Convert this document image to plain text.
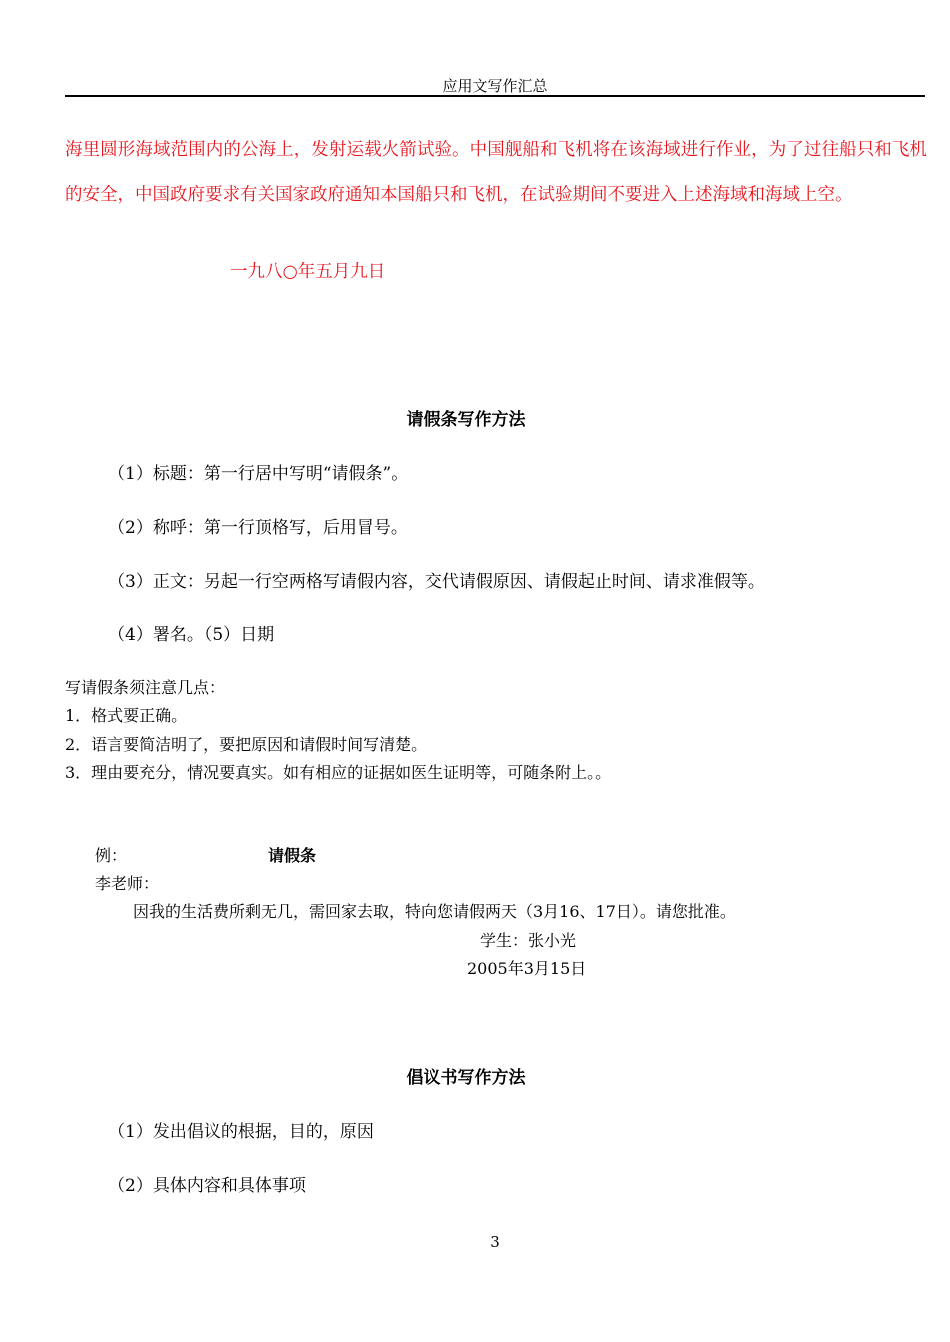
应用文写作汇总
海里圆形海域范围内的公海上，发射运载火箭试验。中国舰船和飞机将在该海域进行作业，为了过往船只和飞机的安全，中国政府要求有关国家政府通知本国船只和飞机，在试验期间不要进入上述海域和海域上空。
一九八○年五月九日
请假条写作方法
（1）标题：第一行居中写明“请假条”。
（2）称呼：第一行顶格写，后用冒号。
（3）正文：另起一行空两格写请假内容，交代请假原因、请假起止时间、请求准假等。
（4）署名。（5）日期
写请假条须注意几点：
1．格式要正确。
2．语言要简洁明了，要把原因和请假时间写清楚。
3．理由要充分，情况要真实。如有相应的证据如医生证明等，可随条附上。。
例：	请假条
李老师：
因我的生活费所剩无几，需回家去取，特向您请假两天（3月16、17日）。请您批准。
学生：张小光
2005年3月15日
倡议书写作方法
（1）发出倡议的根据，目的，原因
（2）具体内容和具体事项
3
